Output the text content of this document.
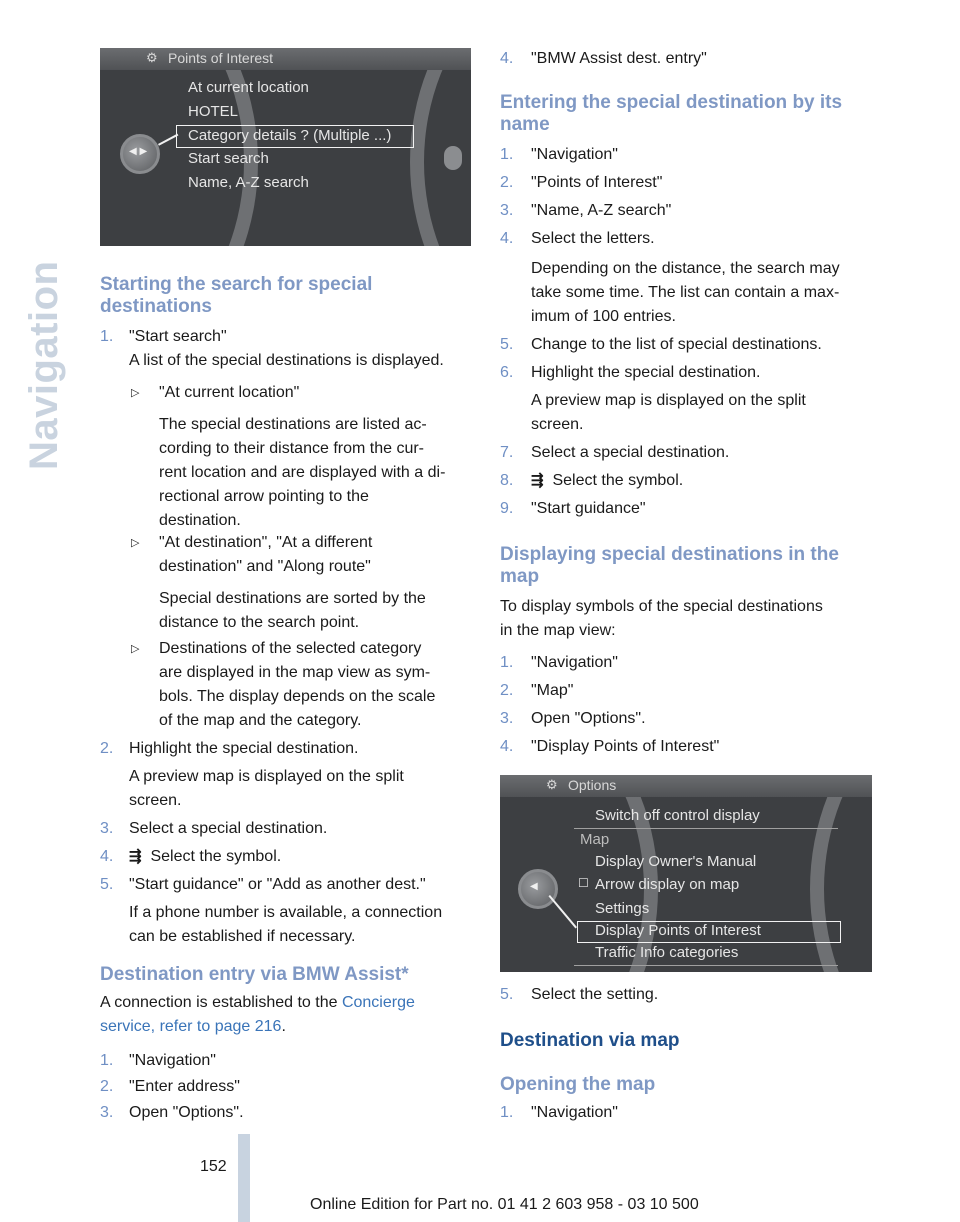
Navigation
⚙ Points of Interest
At current location
HOTEL
Category details ? (Multiple ...)
Start search
Name, A-Z search
◀ ▶
Starting the search for special
destinations
1. "Start search"
A list of the special destinations is displayed.
▷ "At current location"
The special destinations are listed ac-
cording to their distance from the cur-
rent location and are displayed with a di-
rectional arrow pointing to the
destination.
▷ "At destination", "At a different
destination" and "Along route"
Special destinations are sorted by the
distance to the search point.
▷ Destinations of the selected category
are displayed in the map view as sym-
bols. The display depends on the scale
of the map and the category.
2. Highlight the special destination.
A preview map is displayed on the split
screen.
3. Select a special destination.
4. ⇶ Select the symbol.
5. "Start guidance" or "Add as another dest."
If a phone number is available, a connection
can be established if necessary.
Destination entry via BMW Assist*
A connection is established to the Concierge
service, refer to page 216.
1. "Navigation"
2. "Enter address"
3. Open "Options".
4. "BMW Assist dest. entry"
Entering the special destination by its
name
1. "Navigation"
2. "Points of Interest"
3. "Name, A-Z search"
4. Select the letters.
Depending on the distance, the search may
take some time. The list can contain a max-
imum of 100 entries.
5. Change to the list of special destinations.
6. Highlight the special destination.
A preview map is displayed on the split
screen.
7. Select a special destination.
8. ⇶ Select the symbol.
9. "Start guidance"
Displaying special destinations in the
map
To display symbols of the special destinations
in the map view:
1. "Navigation"
2. "Map"
3. Open "Options".
4. "Display Points of Interest"
⚙ Options
Switch off control display
Map
Display Owner's Manual
☐ Arrow display on map
Settings
Display Points of Interest
Traffic Info categories
◀
5. Select the setting.
Destination via map
Opening the map
1. "Navigation"
152
Online Edition for Part no. 01 41 2 603 958 - 03 10 500
